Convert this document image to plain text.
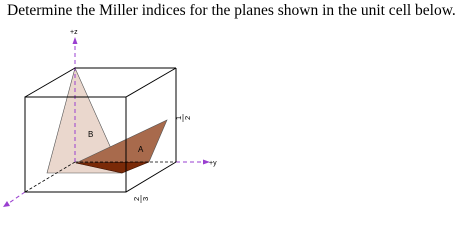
Determine the Miller indices for the planes shown in the unit cell below.
+z
+y
B
A
1 2
2 3
